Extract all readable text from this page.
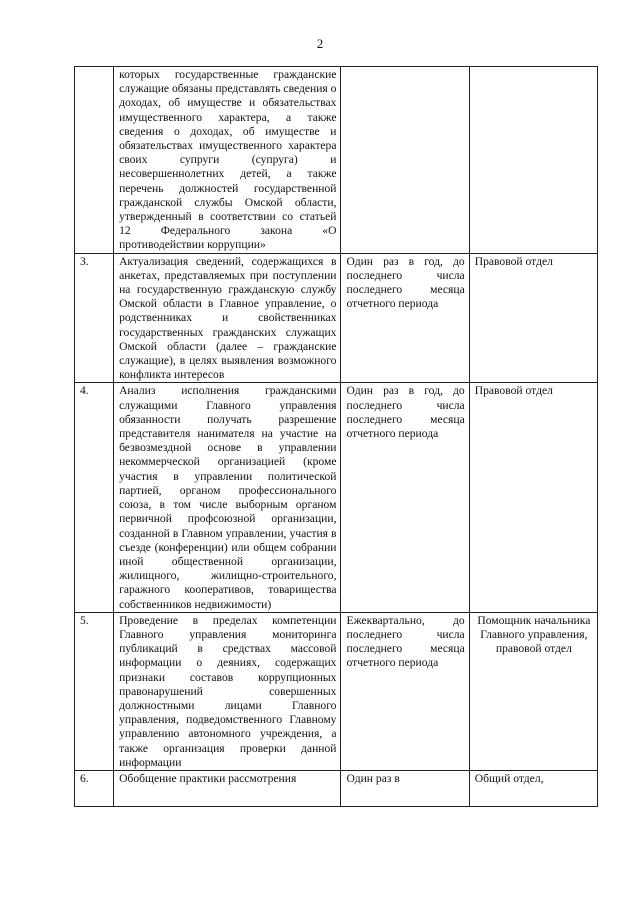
2
	которых государственные гражданские служащие обязаны представлять сведения о доходах, об имуществе и обязательствах имущественного характера, а также сведения о доходах, об имуществе и обязательствах имущественного характера своих супруги (супруга) и несовершеннолетних детей, а также перечень должностей государственной гражданской службы Омской области, утвержденный в соответствии со статьей 12 Федерального закона «О противодействии коррупции»		
3.	Актуализация сведений, содержащихся в анкетах, представляемых при поступлении на государственную гражданскую службу Омской области в Главное управление, о родственниках и свойственниках государственных гражданских служащих Омской области (далее – гражданские служащие), в целях выявления возможного конфликта интересов	Один раз в год, до последнего числа последнего месяца отчетного периода	Правовой отдел
4.	Анализ исполнения гражданскими служащими Главного управления обязанности получать разрешение представителя нанимателя на участие на безвозмездной основе в управлении некоммерческой организацией (кроме участия в управлении политической партией, органом профессионального союза, в том числе выборным органом первичной профсоюзной организации, созданной в Главном управлении, участия в съезде (конференции) или общем собрании иной общественной организации, жилищного, жилищно-строительного, гаражного кооперативов, товарищества собственников недвижимости)	Один раз в год, до последнего числа последнего месяца отчетного периода	Правовой отдел
5.	Проведение в пределах компетенции Главного управления мониторинга публикаций в средствах массовой информации о деяниях, содержащих признаки составов коррупционных правонарушений совершенных должностными лицами Главного управления, подведомственного Главному управлению автономного учреждения, а также организация проверки данной информации	Ежеквартально, до последнего числа последнего месяца отчетного периода	Помощник начальника Главного управления, правовой отдел
6.	Обобщение практики рассмотрения	Один раз в	Общий отдел,
